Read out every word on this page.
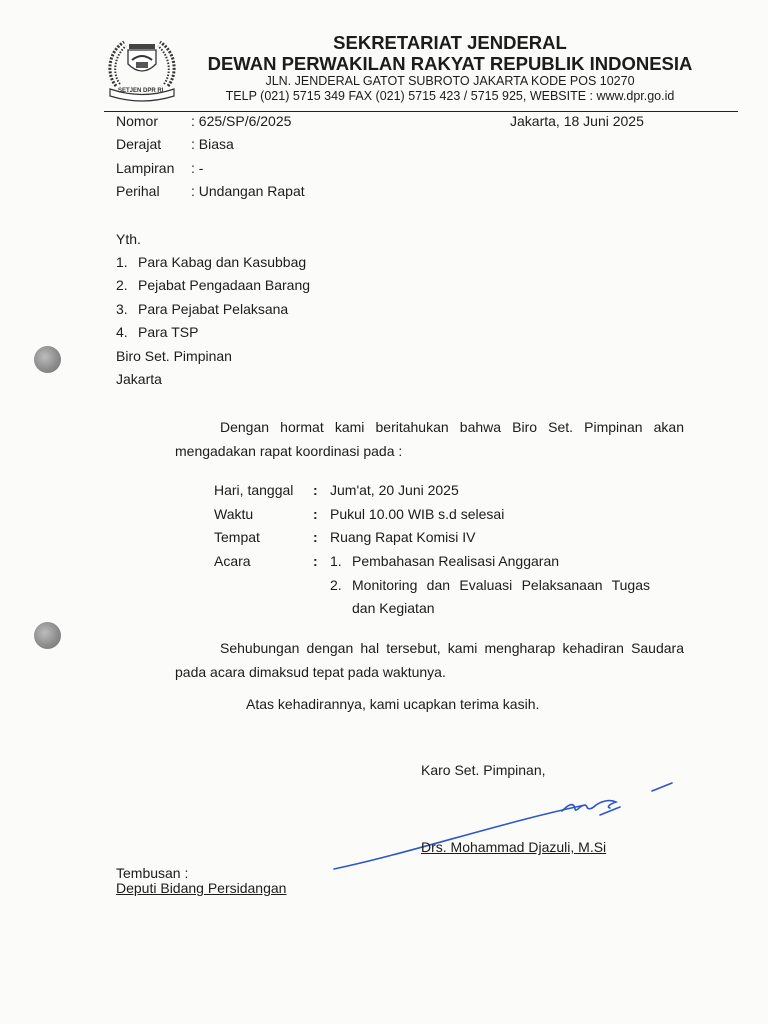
SETJEN DPR RI
SEKRETARIAT JENDERAL
DEWAN PERWAKILAN RAKYAT REPUBLIK INDONESIA
JLN. JENDERAL GATOT SUBROTO JAKARTA KODE POS 10270
TELP (021) 5715 349 FAX (021) 5715 423 / 5715 925, WEBSITE : www.dpr.go.id
Nomor : 625/SP/6/2025	Jakarta, 18 Juni 2025
Derajat : Biasa
Lampiran : -
Perihal : Undangan Rapat
Yth.
1. Para Kabag dan Kasubbag
2. Pejabat Pengadaan Barang
3. Para Pejabat Pelaksana
4. Para TSP
Biro Set. Pimpinan
Jakarta
Dengan hormat kami beritahukan bahwa Biro Set. Pimpinan akan
mengadakan rapat koordinasi pada :
Hari, tanggal : Jum'at, 20 Juni 2025
Waktu	: Pukul 10.00 WIB s.d selesai
Tempat	: Ruang Rapat Komisi IV
Acara	: 1. Pembahasan Realisasi Anggaran
2. Monitoring dan Evaluasi Pelaksanaan Tugas
dan Kegiatan
Sehubungan dengan hal tersebut, kami mengharap kehadiran Saudara
pada acara dimaksud tepat pada waktunya.
Atas kehadirannya, kami ucapkan terima kasih.
Karo Set. Pimpinan,
Drs. Mohammad Djazuli, M.Si
Tembusan :
Deputi Bidang Persidangan
